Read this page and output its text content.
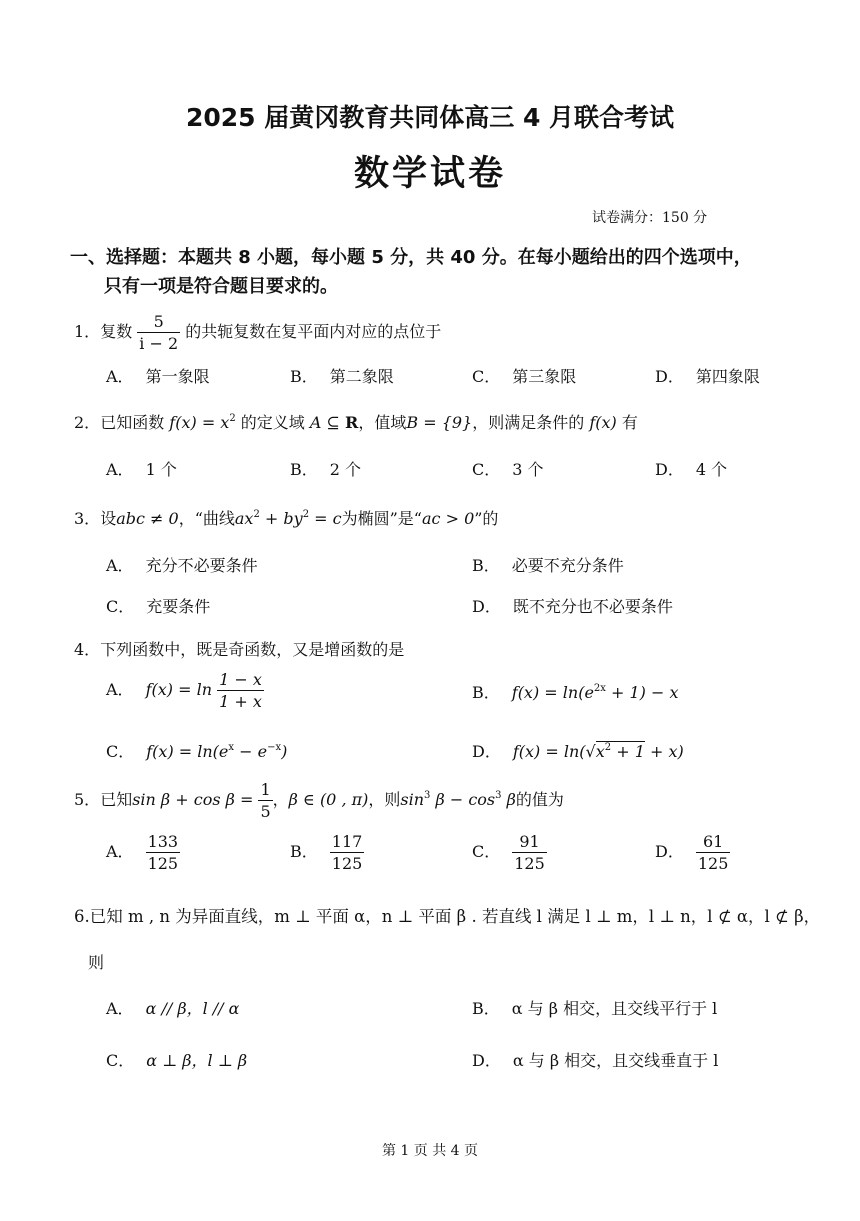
2025 届黄冈教育共同体高三 4 月联合考试
数学试卷
试卷满分：150 分
一、选择题：本题共 8 小题，每小题 5 分，共 40 分。在每小题给出的四个选项中，
只有一项是符合题目要求的。
1．复数 $\frac{5}{i - 2}$ 的共轭复数在复平面内对应的点位于
A． 第一象限	B． 第二象限	C． 第三象限	D． 第四象限
2．已知函数 $f(x) = x^2$ 的定义域 A ⊆ R，值域B = {9}，则满足条件的 f(x) 有
A． 1 个	B． 2 个	C． 3 个	D． 4 个
3．设abc ≠ 0，“曲线$ax^2 + by^2 = c$为椭圆”是“ac > 0”的
A． 充分不必要条件	B． 必要不充分条件
C． 充要条件	D． 既不充分也不必要条件
4．下列函数中，既是奇函数，又是增函数的是
A． $f(x) = \ln \frac{1 - x}{1 + x}$	B． $f(x) = \ln(e^{2x} + 1) - x$
C． $f(x) = \ln(e^x - e^{-x})$	D． $f(x) = \ln(√x^2 + 1 + x)$
5．已知$\sin \beta + \cos \beta = \frac{1}{5}$ ，β ∈ (0 , π)，则$\sin^3 \beta - \cos^3 \beta$的值为
A． $\frac{133}{125}$	B． $\frac{117}{125}$	C． $\frac{91}{125}$	D． $\frac{61}{125}$
6.已知 m , n 为异面直线，m ⊥ 平面 α，n ⊥ 平面 β . 若直线 l 满足 l ⊥ m，l ⊥ n，l ⊄ α，l ⊄ β，
则
A． α // β，l // α	B． α 与 β 相交，且交线平行于 l
C． α ⊥ β，l ⊥ β	D． α 与 β 相交，且交线垂直于 l
第 1 页 共 4 页
